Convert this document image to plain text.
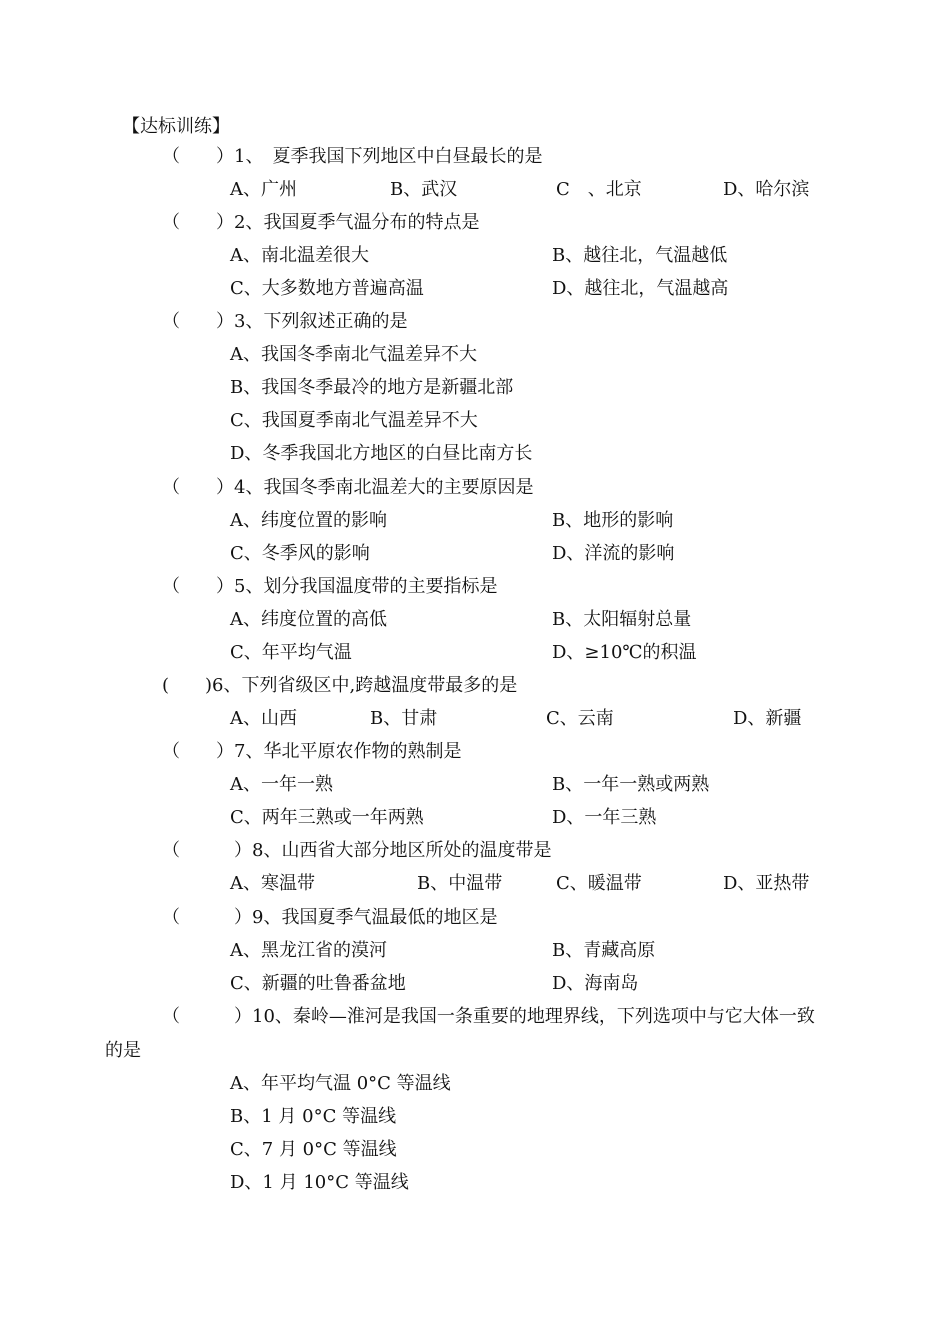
【达标训练】
（　　）1、　夏季我国下列地区中白昼最长的是
A、广州	B、武汉	C　、北京	D、哈尔滨
（　　）2、我国夏季气温分布的特点是
A、南北温差很大	B、越往北，气温越低
C、大多数地方普遍高温	D、越往北，气温越高
（　　）3、下列叙述正确的是
A、我国冬季南北气温差异不大
B、我国冬季最冷的地方是新疆北部
C、我国夏季南北气温差异不大
D、冬季我国北方地区的白昼比南方长
（　　）4、我国冬季南北温差大的主要原因是
A、纬度位置的影响	B、地形的影响
C、冬季风的影响	D、洋流的影响
（　　）5、划分我国温度带的主要指标是
A、纬度位置的高低	B、太阳辐射总量
C、年平均气温	D、≥10℃的积温
(　　)6、下列省级区中,跨越温度带最多的是
A、山西	B、甘肃	C、云南	D、新疆
（　　）7、华北平原农作物的熟制是
A、一年一熟	B、一年一熟或两熟
C、两年三熟或一年两熟	D、一年三熟
（　　　）8、山西省大部分地区所处的温度带是
A、寒温带	B、中温带	C、暖温带	D、亚热带
（　　　）9、我国夏季气温最低的地区是
A、黑龙江省的漠河	B、青藏高原
C、新疆的吐鲁番盆地	D、海南岛
（　　　）10、秦岭—淮河是我国一条重要的地理界线，下列选项中与它大体一致
的是
A、年平均气温 0°C 等温线
B、1 月 0°C 等温线
C、7 月 0°C 等温线
D、1 月 10°C 等温线
